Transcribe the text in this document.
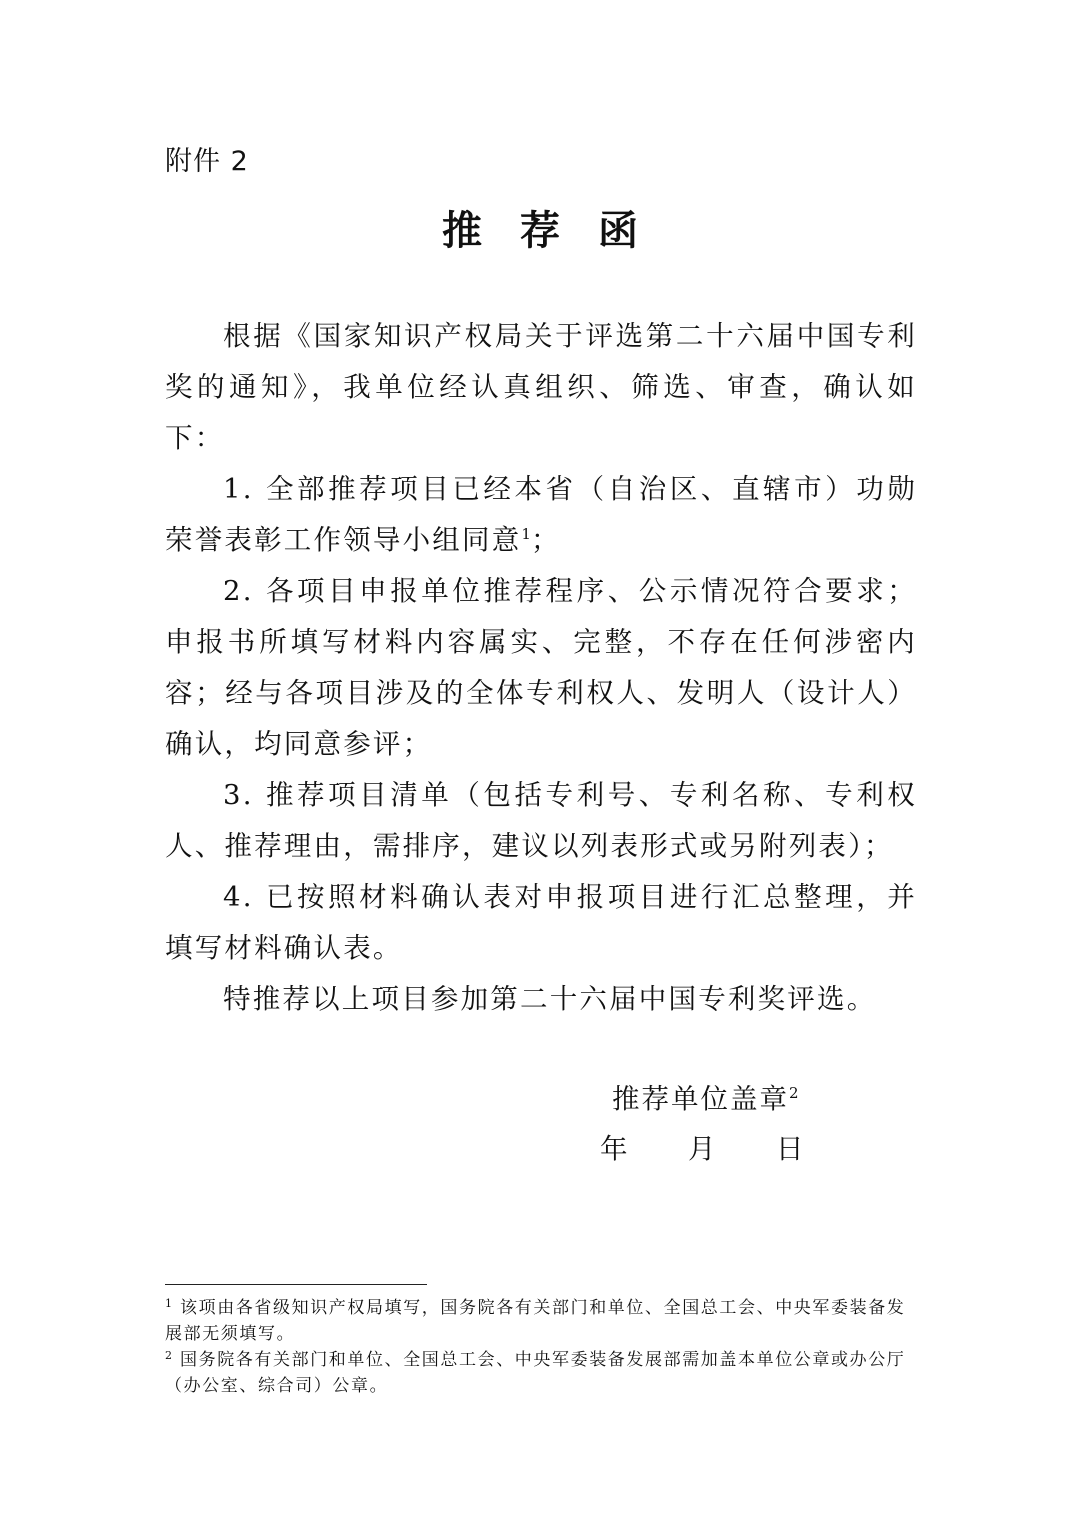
附件 2
推荐函

根据《国家知识产权局关于评选第二十六届中国专利奖的通知》，我单位经认真组织、筛选、审查，确认如下：

1. 全部推荐项目已经本省（自治区、直辖市）功勋荣誉表彰工作领导小组同意$^1$；

2. 各项目申报单位推荐程序、公示情况符合要求；申报书所填写材料内容属实、完整，不存在任何涉密内容；经与各项目涉及的全体专利权人、发明人（设计人）确认，均同意参评；

3. 推荐项目清单（包括专利号、专利名称、专利权人、推荐理由，需排序，建议以列表形式或另附列表）；

4. 已按照材料确认表对申报项目进行汇总整理，并填写材料确认表。

特推荐以上项目参加第二十六届中国专利奖评选。

推荐单位盖章$^2$
年	月	日

$^1$ 该项由各省级知识产权局填写，国务院各有关部门和单位、全国总工会、中央军委装备发展部无须填写。

$^2$ 国务院各有关部门和单位、全国总工会、中央军委装备发展部需加盖本单位公章或办公厅（办公室、综合司）公章。
